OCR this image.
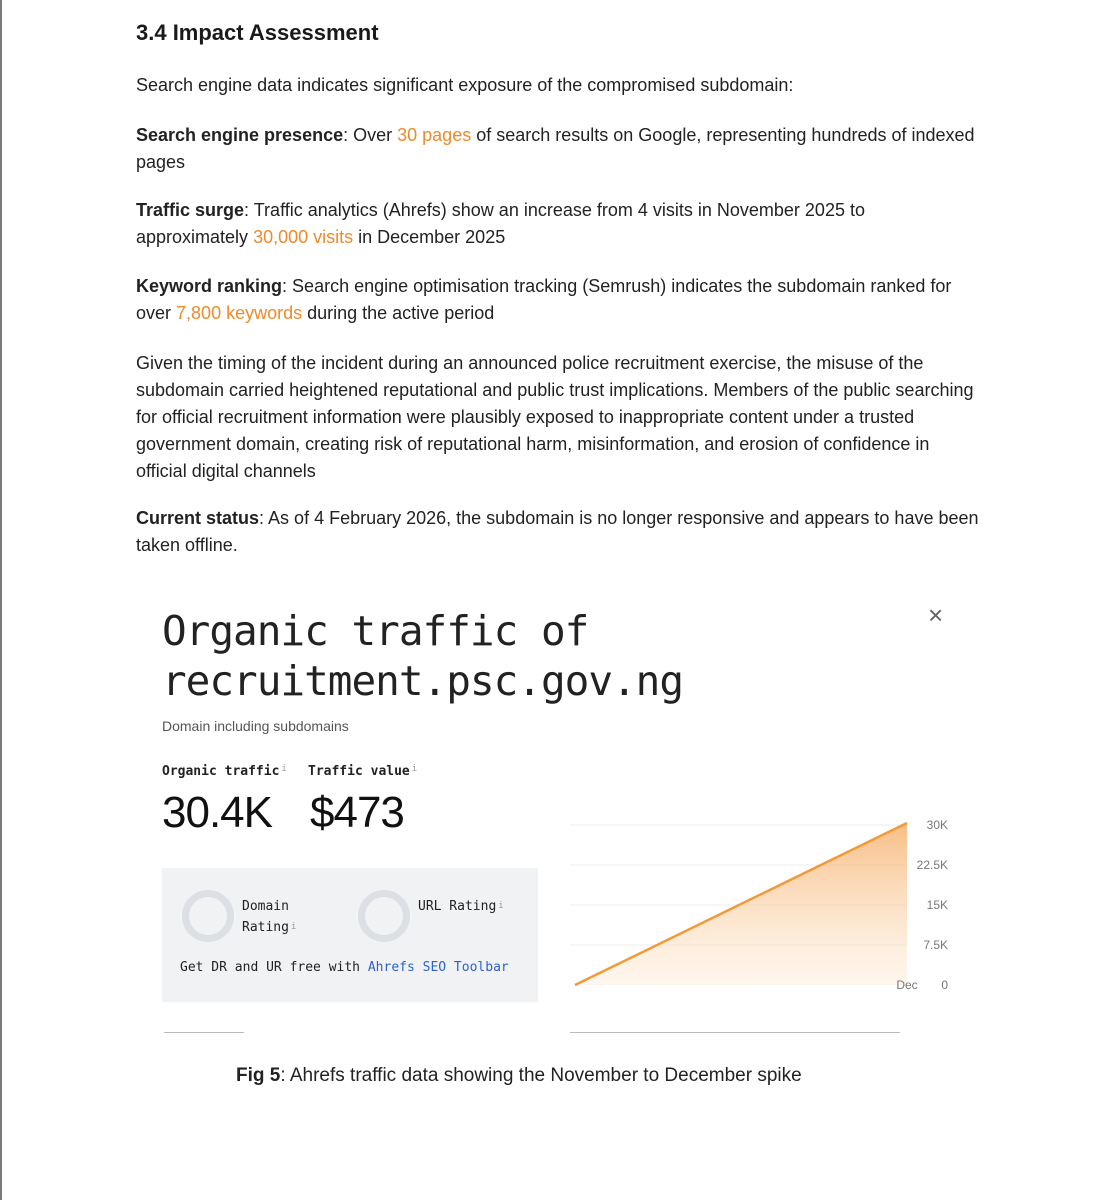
3.4 Impact Assessment

Search engine data indicates significant exposure of the compromised subdomain:

Search engine presence: Over 30 pages of search results on Google, representing hundreds of indexed pages

Traffic surge: Traffic analytics (Ahrefs) show an increase from 4 visits in November 2025 to approximately 30,000 visits in December 2025

Keyword ranking: Search engine optimisation tracking (Semrush) indicates the subdomain ranked for over 7,800 keywords during the active period

Given the timing of the incident during an announced police recruitment exercise, the misuse of the subdomain carried heightened reputational and public trust implications. Members of the public searching for official recruitment information were plausibly exposed to inappropriate content under a trusted government domain, creating risk of reputational harm, misinformation, and erosion of confidence in official digital channels

Current status: As of 4 February 2026, the subdomain is no longer responsive and appears to have been taken offline.

Organic traffic of recruitment.psc.gov.ng
×
Domain including subdomains
Organic traffic $^i$ Traffic value $^i$
30.4K $473
Domain Rating $^i$
URL Rating $^i$
Get DR and UR free with Ahrefs SEO Toolbar
0
7.5K
15K
22.5K
30K
Dec

Fig 5: Ahrefs traffic data showing the November to December spike
